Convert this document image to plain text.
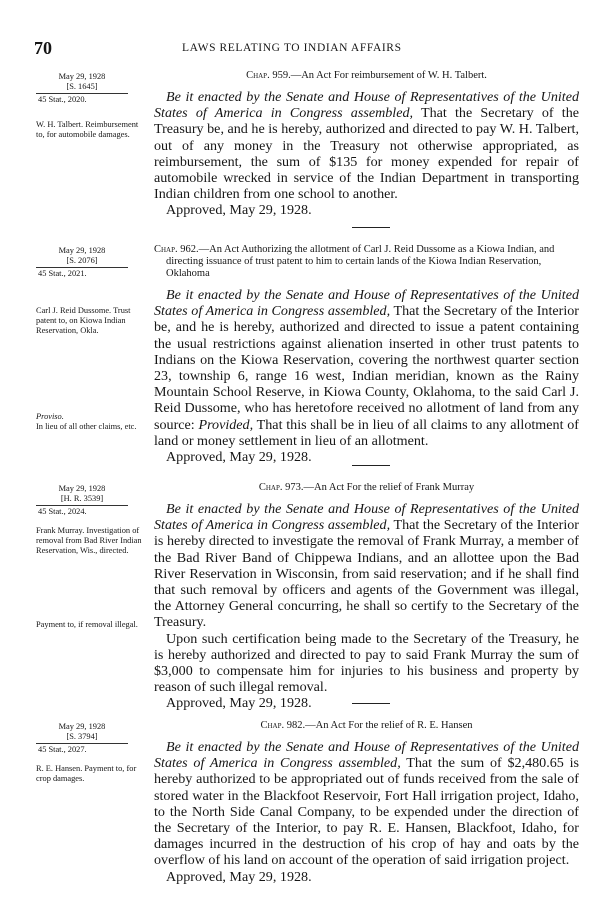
70	LAWS RELATING TO INDIAN AFFAIRS
May 29, 1928
[S. 1645]
45 Stat., 2020.
W. H. Talbert. Reimbursement to, for automobile damages.
Chap. 959.—An Act For reimbursement of W. H. Talbert.

Be it enacted by the Senate and House of Representatives of the United States of America in Congress assembled, That the Secretary of the Treasury be, and he is hereby, authorized and directed to pay W. H. Talbert, out of any money in the Treasury not otherwise appropriated, as reimbursement, the sum of $135 for money expended for repair of automobile wrecked in service of the Indian Department in transporting Indian children from one school to another.

Approved, May 29, 1928.

May 29, 1928
[S. 2076]
45 Stat., 2021.
Carl J. Reid Dussome. Trust patent to, on Kiowa Indian Reservation, Okla.
Proviso.
In lieu of all other claims, etc.
Chap. 962.—An Act Authorizing the allotment of Carl J. Reid Dussome as a Kiowa Indian, and directing issuance of trust patent to him to certain lands of the Kiowa Indian Reservation, Oklahoma

Be it enacted by the Senate and House of Representatives of the United States of America in Congress assembled, That the Secretary of the Interior be, and he is hereby, authorized and directed to issue a patent containing the usual restrictions against alienation inserted in other trust patents to Indians on the Kiowa Reservation, covering the northwest quarter section 23, township 6, range 16 west, Indian meridian, known as the Rainy Mountain School Reserve, in Kiowa County, Oklahoma, to the said Carl J. Reid Dussome, who has heretofore received no allotment of land from any source: Provided, That this shall be in lieu of all claims to any allotment of land or money settlement in lieu of an allotment.

Approved, May 29, 1928.

May 29, 1928
[H. R. 3539]
45 Stat., 2024.
Frank Murray. Investigation of removal from Bad River Indian Reservation, Wis., directed.
Payment to, if removal illegal.
Chap. 973.—An Act For the relief of Frank Murray

Be it enacted by the Senate and House of Representatives of the United States of America in Congress assembled, That the Secretary of the Interior is hereby directed to investigate the removal of Frank Murray, a member of the Bad River Band of Chippewa Indians, and an allottee upon the Bad River Reservation in Wisconsin, from said reservation; and if he shall find that such removal by officers and agents of the Government was illegal, the Attorney General concurring, he shall so certify to the Secretary of the Treasury.

Upon such certification being made to the Secretary of the Treasury, he is hereby authorized and directed to pay to said Frank Murray the sum of $3,000 to compensate him for injuries to his business and property by reason of such illegal removal.

Approved, May 29, 1928.

May 29, 1928
[S. 3794]
45 Stat., 2027.
R. E. Hansen. Payment to, for crop damages.
Chap. 982.—An Act For the relief of R. E. Hansen

Be it enacted by the Senate and House of Representatives of the United States of America in Congress assembled, That the sum of $2,480.65 is hereby authorized to be appropriated out of funds received from the sale of stored water in the Blackfoot Reservoir, Fort Hall irrigation project, Idaho, to the North Side Canal Company, to be expended under the direction of the Secretary of the Interior, to pay R. E. Hansen, Blackfoot, Idaho, for damages incurred in the destruction of his crop of hay and oats by the overflow of his land on account of the operation of said irrigation project.

Approved, May 29, 1928.
